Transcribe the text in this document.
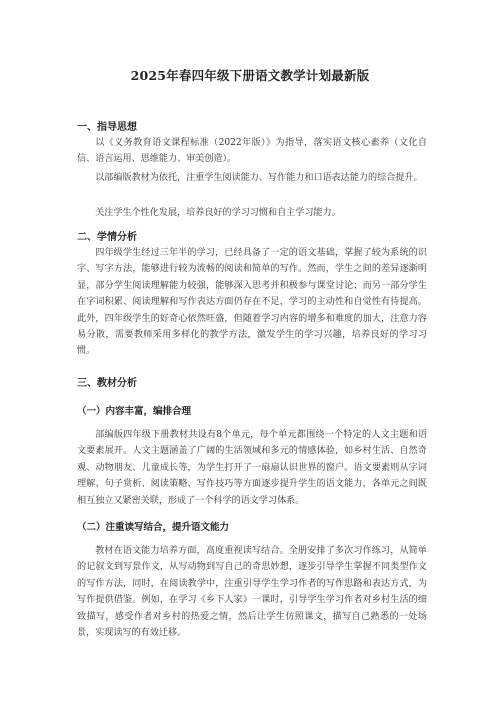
2025年春四年级下册语文教学计划最新版
一、指导思想

以《义务教育语文课程标准（2022年版）》为指导，落实语文核心素养（文化自信、语言运用、思维能力、审美创造）。

以部编版教材为依托，注重学生阅读能力、写作能力和口语表达能力的综合提升。

关注学生个性化发展，培养良好的学习习惯和自主学习能力。

二、学情分析

四年级学生经过三年半的学习，已经具备了一定的语文基础，掌握了较为系统的识字、写字方法，能够进行较为流畅的阅读和简单的写作。然而，学生之间的差异逐渐明显，部分学生阅读理解能力较强，能够深入思考并积极参与课堂讨论；而另一部分学生在字词积累、阅读理解和写作表达方面仍存在不足，学习的主动性和自觉性有待提高。此外，四年级学生的好奇心依然旺盛，但随着学习内容的增多和难度的加大，注意力容易分散，需要教师采用多样化的教学方法，激发学生的学习兴趣，培养良好的学习习惯。

三、教材分析
（一）内容丰富，编排合理

部编版四年级下册教材共设有8个单元，每个单元都围绕一个特定的人文主题和语文要素展开。人文主题涵盖了广阔的生活领域和多元的情感体验，如乡村生活、自然奇观、动物朋友、儿童成长等，为学生打开了一扇扇认识世界的窗户。语文要素则从字词理解、句子赏析、阅读策略、写作技巧等方面逐步提升学生的语文能力，各单元之间既相互独立又紧密关联，形成了一个科学的语文学习体系。

（二）注重读写结合，提升语文能力

教材在语文能力培养方面，高度重视读写结合。全册安排了多次习作练习，从简单的记叙文到写景作文，从写动物到写自己的奇思妙想，逐步引导学生掌握不同类型作文的写作方法，同时，在阅读教学中，注重引导学生学习作者的写作思路和表达方式，为写作提供借鉴。例如，在学习《乡下人家》一课时，引导学生学习作者对乡村生活的细致描写，感受作者对乡村的热爱之情，然后让学生仿照课文，描写自己熟悉的一处场景，实现读写的有效迁移。
